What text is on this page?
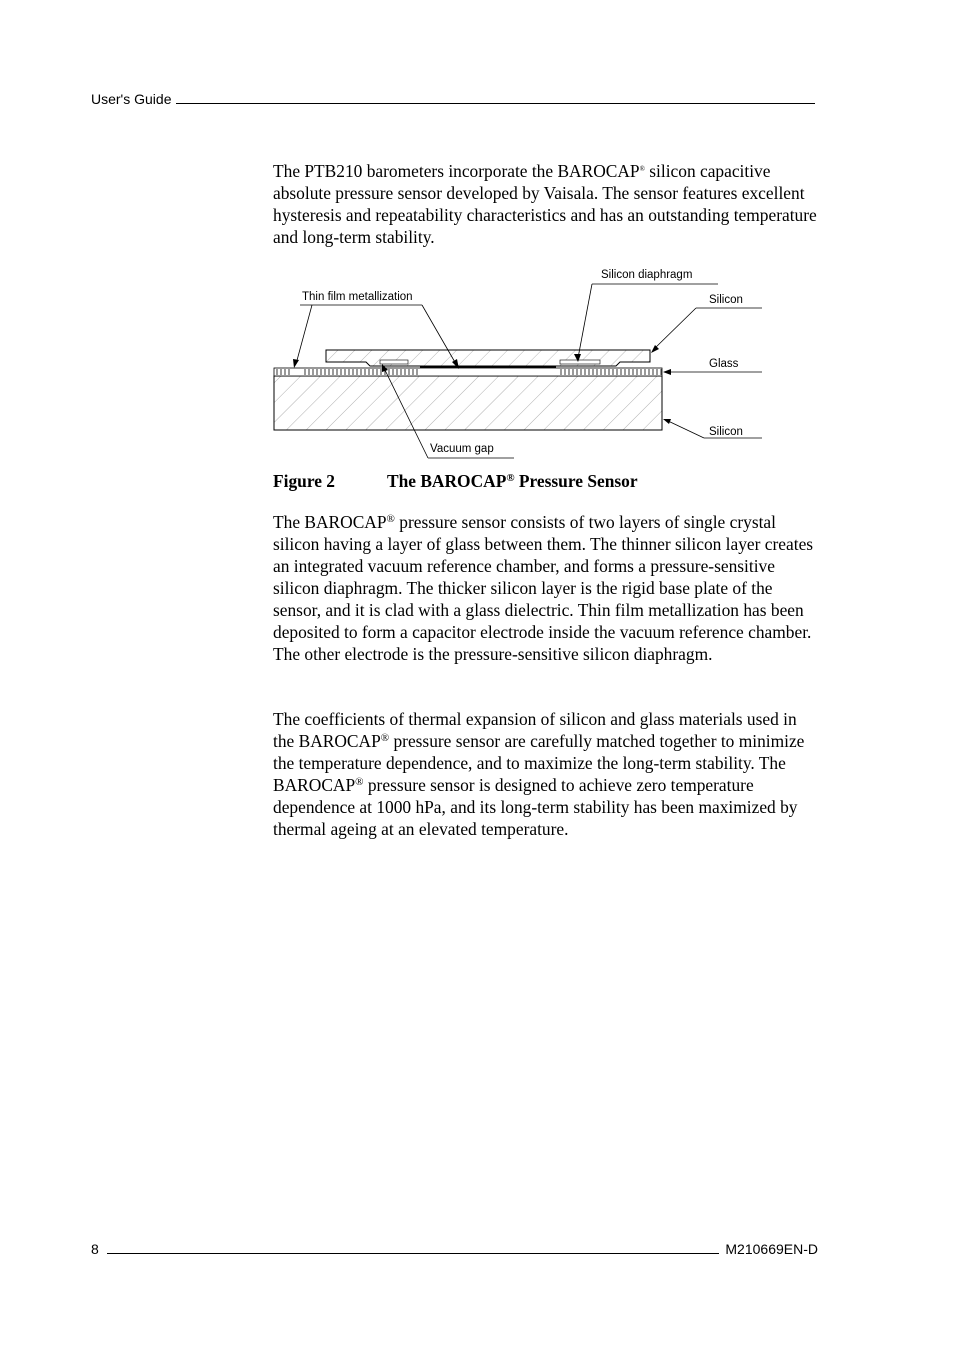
User's Guide

The PTB210 barometers incorporate the BAROCAP® silicon capacitive absolute pressure sensor developed by Vaisala. The sensor features excellent hysteresis and repeatability characteristics and has an outstanding temperature and long-term stability.

Thin film metallization
Silicon diaphragm
Silicon
Glass
Silicon
Vacuum gap
Figure 2	The BAROCAP® Pressure Sensor

The BAROCAP® pressure sensor consists of two layers of single crystal silicon having a layer of glass between them. The thinner silicon layer creates an integrated vacuum reference chamber, and forms a pressure-sensitive silicon diaphragm. The thicker silicon layer is the rigid base plate of the sensor, and it is clad with a glass dielectric. Thin film metallization has been deposited to form a capacitor electrode inside the vacuum reference chamber. The other electrode is the pressure-sensitive silicon diaphragm.

The coefficients of thermal expansion of silicon and glass materials used in the BAROCAP® pressure sensor are carefully matched together to minimize the temperature dependence, and to maximize the long-term stability. The BAROCAP® pressure sensor is designed to achieve zero temperature dependence at 1000 hPa, and its long-term stability has been maximized by thermal ageing at an elevated temperature.

8	M210669EN-D
